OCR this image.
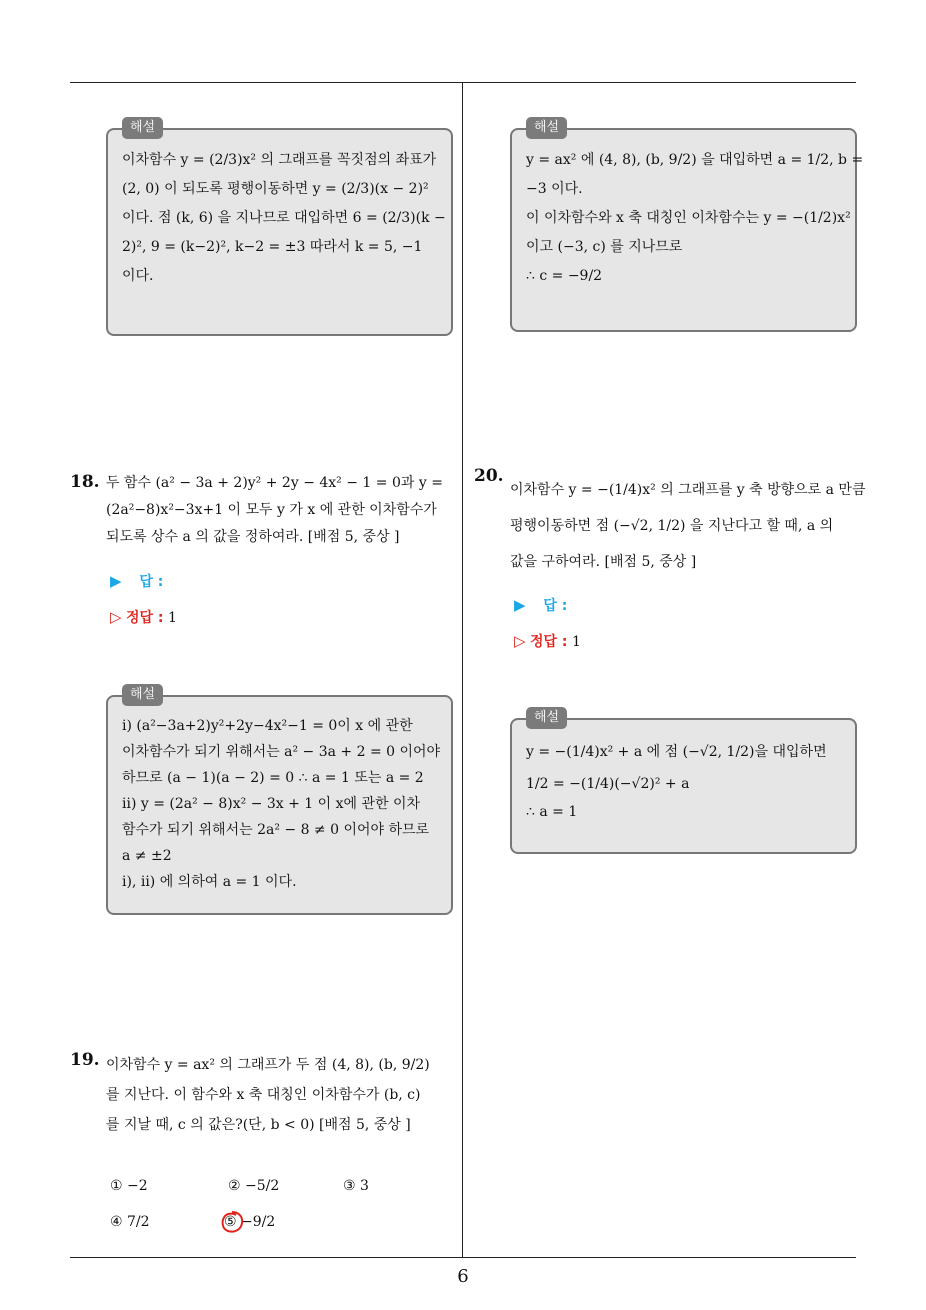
해설
이차함수 y = (2/3)x² 의 그래프를 꼭짓점의 좌표가
(2, 0) 이 되도록 평행이동하면 y = (2/3)(x − 2)²
이다. 점 (k, 6) 을 지나므로 대입하면 6 = (2/3)(k −
2)², 9 = (k−2)², k−2 = ±3 따라서 k = 5, −1
이다.
해설
y = ax² 에 (4, 8), (b, 9/2) 을 대입하면 a = 1/2, b =
−3 이다.
이 이차함수와 x 축 대칭인 이차함수는 y = −(1/2)x²
이고 (−3, c) 를 지나므로
∴ c = −9/2
18. 두 함수 (a² − 3a + 2)y² + 2y − 4x² − 1 = 0과 y =
(2a²−8)x²−3x+1 이 모두 y 가 x 에 관한 이차함수가
되도록 상수 a 의 값을 정하여라. [배점 5, 중상 ]
▶ 답 :
▷ 정답 : 1
해설
ⅰ) (a²−3a+2)y²+2y−4x²−1 = 0이 x 에 관한
이차함수가 되기 위해서는 a² − 3a + 2 = 0 이어야
하므로 (a − 1)(a − 2) = 0 ∴ a = 1 또는 a = 2
ⅱ) y = (2a² − 8)x² − 3x + 1 이 x에 관한 이차
함수가 되기 위해서는 2a² − 8 ≠ 0 이어야 하므로
a ≠ ±2
ⅰ), ⅱ) 에 의하여 a = 1 이다.
19. 이차함수 y = ax² 의 그래프가 두 점 (4, 8), (b, 9/2)
를 지난다. 이 함수와 x 축 대칭인 이차함수가 (b, c)
를 지날 때, c 의 값은?(단, b < 0) [배점 5, 중상 ]
① −2	② −5/2	③ 3
④ 7/2	⑤ −9/2
20.
이차함수 y = −(1/4)x² 의 그래프를 y 축 방향으로 a 만큼
평행이동하면 점 (−√2, 1/2) 을 지난다고 할 때, a 의
값을 구하여라. [배점 5, 중상 ]
▶ 답 :
▷ 정답 : 1
해설
y = −(1/4)x² + a 에 점 (−√2, 1/2)을 대입하면
1/2 = −(1/4)(−√2)² + a
∴ a = 1
6
